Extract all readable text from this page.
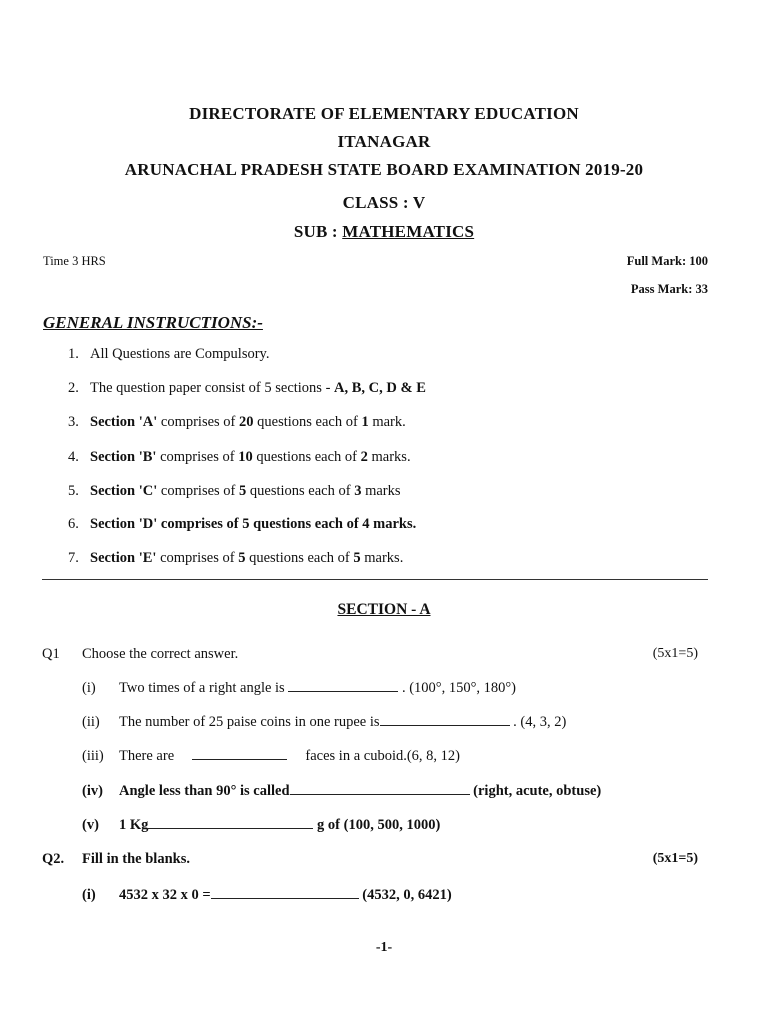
DIRECTORATE OF ELEMENTARY EDUCATION
ITANAGAR
ARUNACHAL PRADESH STATE BOARD EXAMINATION 2019-20
CLASS : V
SUB : MATHEMATICS
Time 3 HRS	Full Mark: 100
Pass Mark: 33
GENERAL INSTRUCTIONS:-
1. All Questions are Compulsory.
2. The question paper consist of 5 sections - A, B, C, D & E
3. Section 'A' comprises of 20 questions each of 1 mark.
4. Section 'B' comprises of 10 questions each of 2 marks.
5. Section 'C' comprises of 5 questions each of 3 marks
6. Section 'D' comprises of 5 questions each of 4 marks.
7. Section 'E' comprises of 5 questions each of 5 marks.
SECTION - A
Q1 Choose the correct answer.	(5x1=5)
(i) Two times of a right angle is	. (100°, 150°, 180°)
(ii) The number of 25 paise coins in one rupee is	. (4, 3, 2)
(iii) There are	faces in a cuboid.(6, 8, 12)
(iv) Angle less than 90° is called	(right, acute, obtuse)
(v) 1 Kg	g of (100, 500, 1000)
Q2. Fill in the blanks.	(5x1=5)
(i) 4532 x 32 x 0 =	(4532, 0, 6421)
-1-
